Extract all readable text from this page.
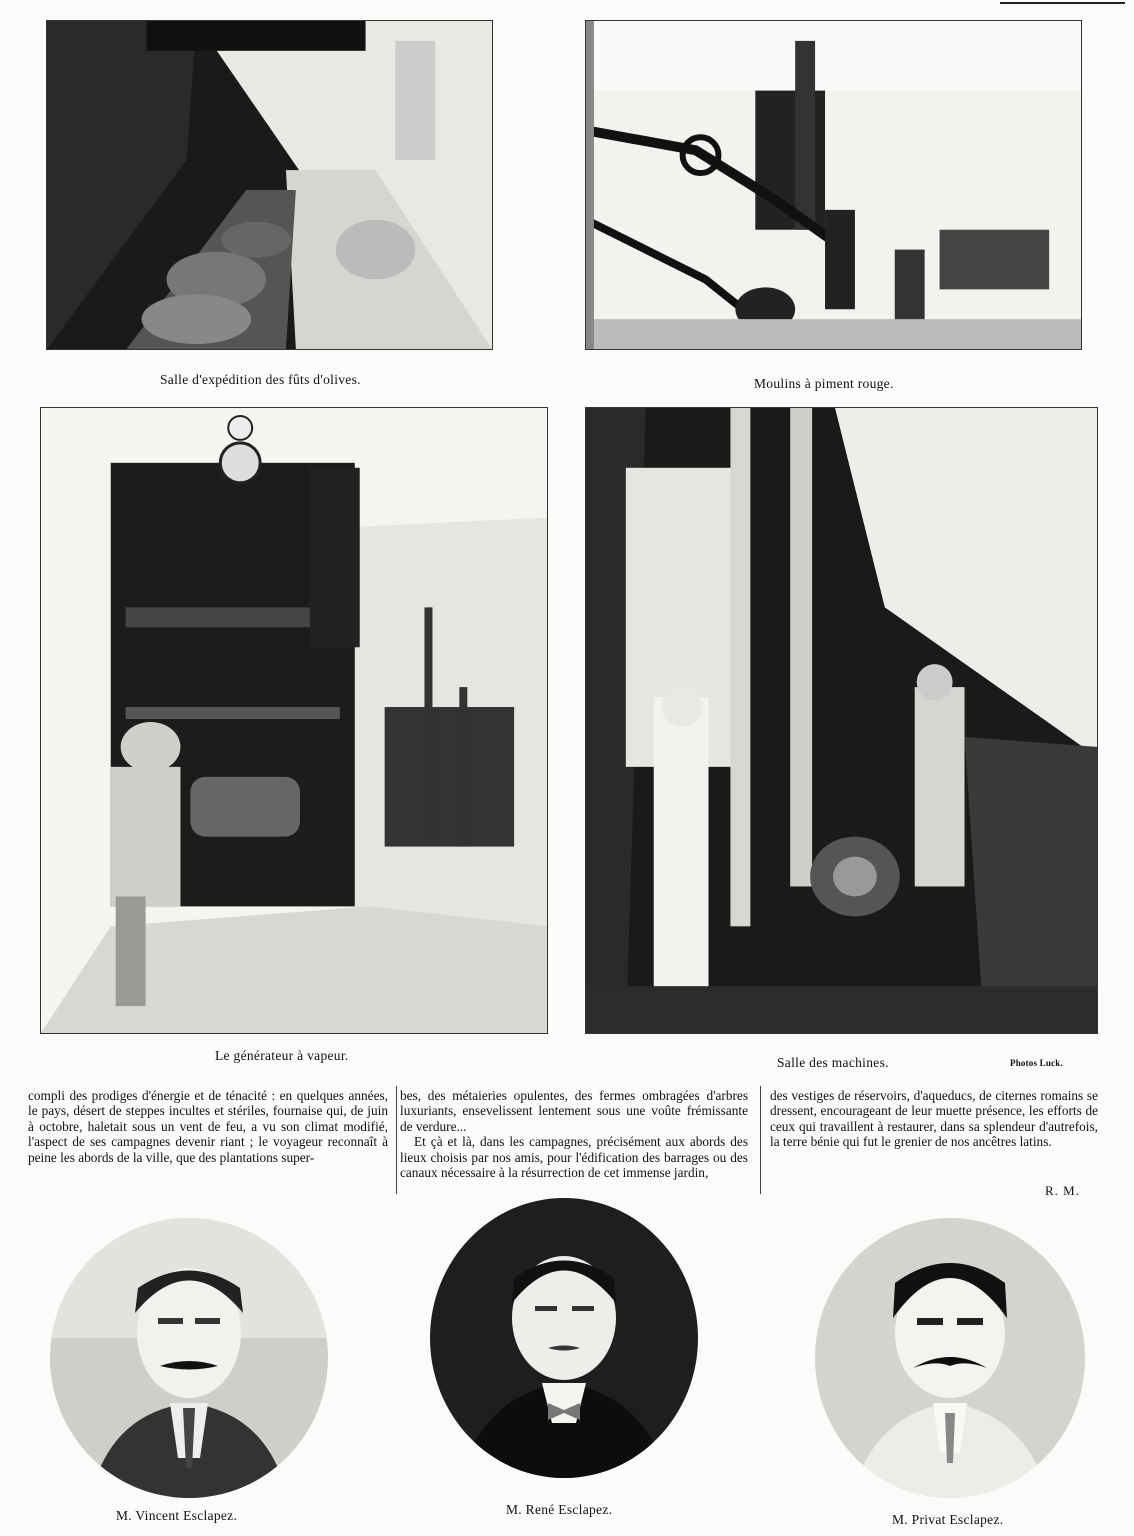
Salle d'expédition des fûts d'olives.	Moulins à piment rouge.
Le générateur à vapeur.	Salle des machines.	Photos Luck.

compli des prodiges d'énergie et de ténacité : en quelques années, le pays, désert de steppes incultes et stériles, fournaise qui, de juin à octobre, haletait sous un vent de feu, a vu son climat modifié, l'aspect de ses campagnes devenir riant ; le voyageur reconnaît à peine les abords de la ville, que des plantations super-

bes, des métaieries opulentes, des fermes ombragées d'arbres luxuriants, ensevelissent lentement sous une voûte frémissante de verdure...

Et çà et là, dans les campagnes, précisément aux abords des lieux choisis par nos amis, pour l'édification des barrages ou des canaux nécessaire à la résurrection de cet immense jardin,

des vestiges de réservoirs, d'aqueducs, de citernes romains se dressent, encourageant de leur muette présence, les efforts de ceux qui travaillent à restaurer, dans sa splendeur d'autrefois, la terre bénie qui fut le grenier de nos ancêtres latins.

R. M.
M. Vincent Esclapez.	M. René Esclapez.
M. Privat Esclapez.
